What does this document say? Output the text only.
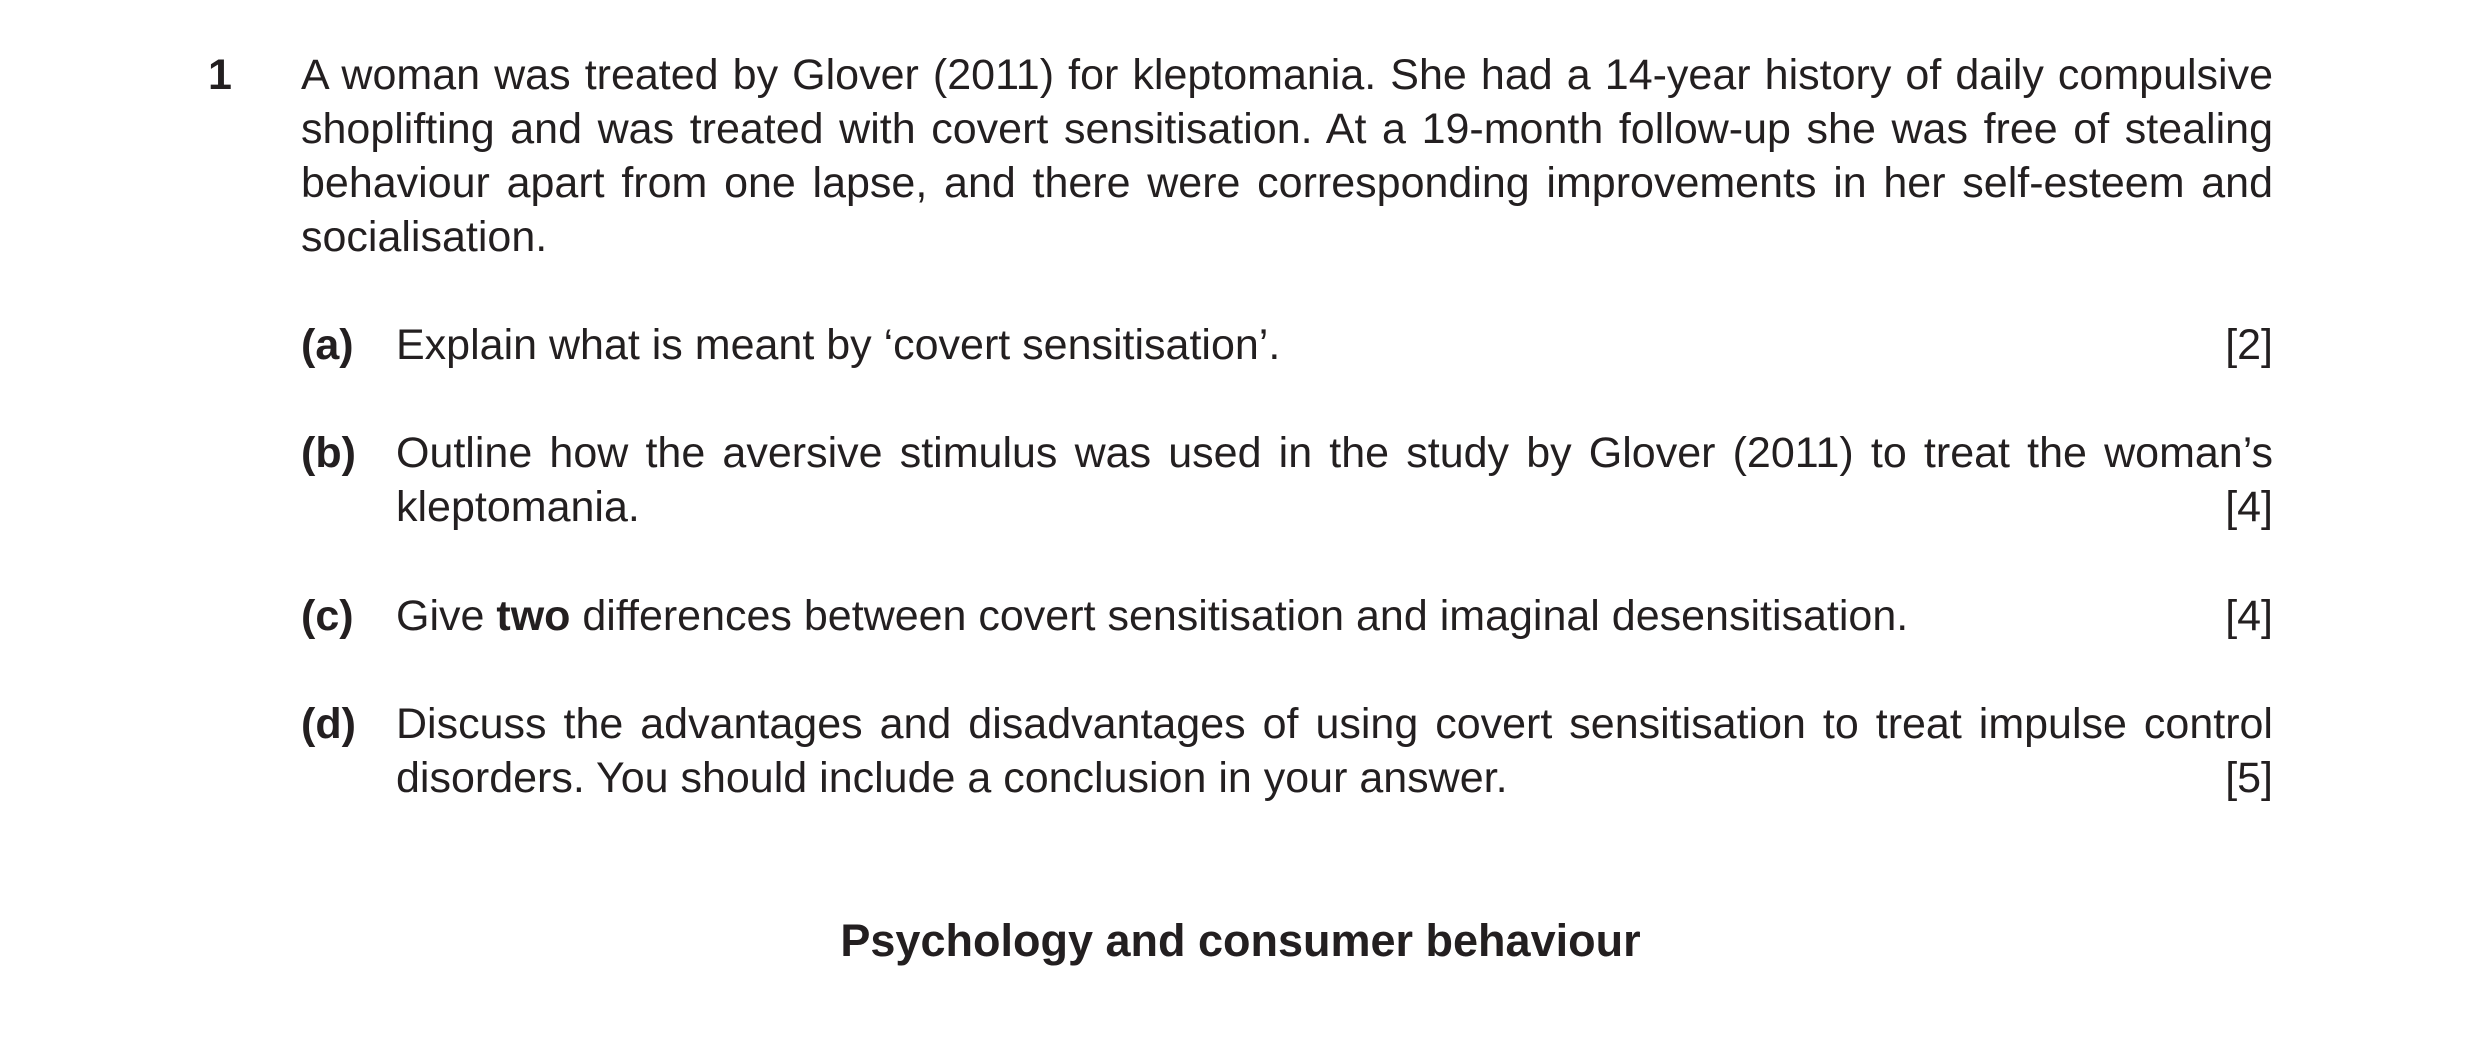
1 A woman was treated by Glover (2011) for kleptomania. She had a 14-year history of daily compulsive shoplifting and was treated with covert sensitisation. At a 19-month follow-up she was free of stealing behaviour apart from one lapse, and there were corresponding improvements in her self-esteem and socialisation.
(a) Explain what is meant by ‘covert sensitisation’.	[2]
(b) Outline how the aversive stimulus was used in the study by Glover (2011) to treat the woman’s kleptomania.	[4]
(c) Give two differences between covert sensitisation and imaginal desensitisation.	[4]
(d) Discuss the advantages and disadvantages of using covert sensitisation to treat impulse control disorders. You should include a conclusion in your answer.	[5]
Psychology and consumer behaviour
